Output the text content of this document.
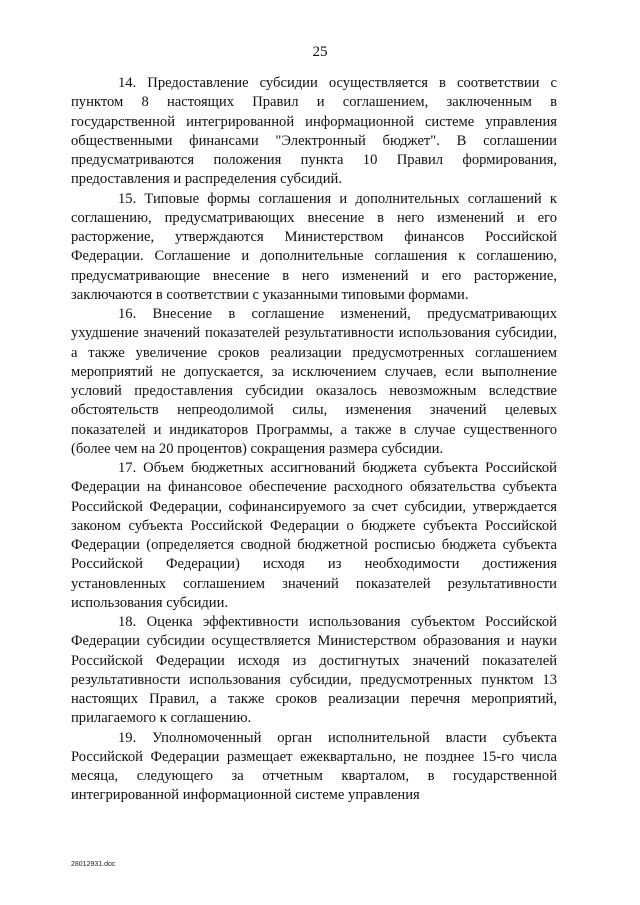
25

14. Предоставление субсидии осуществляется в соответствии с пунктом 8 настоящих Правил и соглашением, заключенным в государственной интегрированной информационной системе управления общественными финансами "Электронный бюджет". В соглашении предусматриваются положения пункта 10 Правил формирования, предоставления и распределения субсидий.

15. Типовые формы соглашения и дополнительных соглашений к соглашению, предусматривающих внесение в него изменений и его расторжение, утверждаются Министерством финансов Российской Федерации. Соглашение и дополнительные соглашения к соглашению, предусматривающие внесение в него изменений и его расторжение, заключаются в соответствии с указанными типовыми формами.

16. Внесение в соглашение изменений, предусматривающих ухудшение значений показателей результативности использования субсидии, а также увеличение сроков реализации предусмотренных соглашением мероприятий не допускается, за исключением случаев, если выполнение условий предоставления субсидии оказалось невозможным вследствие обстоятельств непреодолимой силы, изменения значений целевых показателей и индикаторов Программы, а также в случае существенного (более чем на 20 процентов) сокращения размера субсидии.

17. Объем бюджетных ассигнований бюджета субъекта Российской Федерации на финансовое обеспечение расходного обязательства субъекта Российской Федерации, софинансируемого за счет субсидии, утверждается законом субъекта Российской Федерации о бюджете субъекта Российской Федерации (определяется сводной бюджетной росписью бюджета субъекта Российской Федерации) исходя из необходимости достижения установленных соглашением значений показателей результативности использования субсидии.

18. Оценка эффективности использования субъектом Российской Федерации субсидии осуществляется Министерством образования и науки Российской Федерации исходя из достигнутых значений показателей результативности использования субсидии, предусмотренных пунктом 13 настоящих Правил, а также сроков реализации перечня мероприятий, прилагаемого к соглашению.

19. Уполномоченный орган исполнительной власти субъекта Российской Федерации размещает ежеквартально, не позднее 15-го числа месяца, следующего за отчетным кварталом, в государственной интегрированной информационной системе управления

28012931.doc
